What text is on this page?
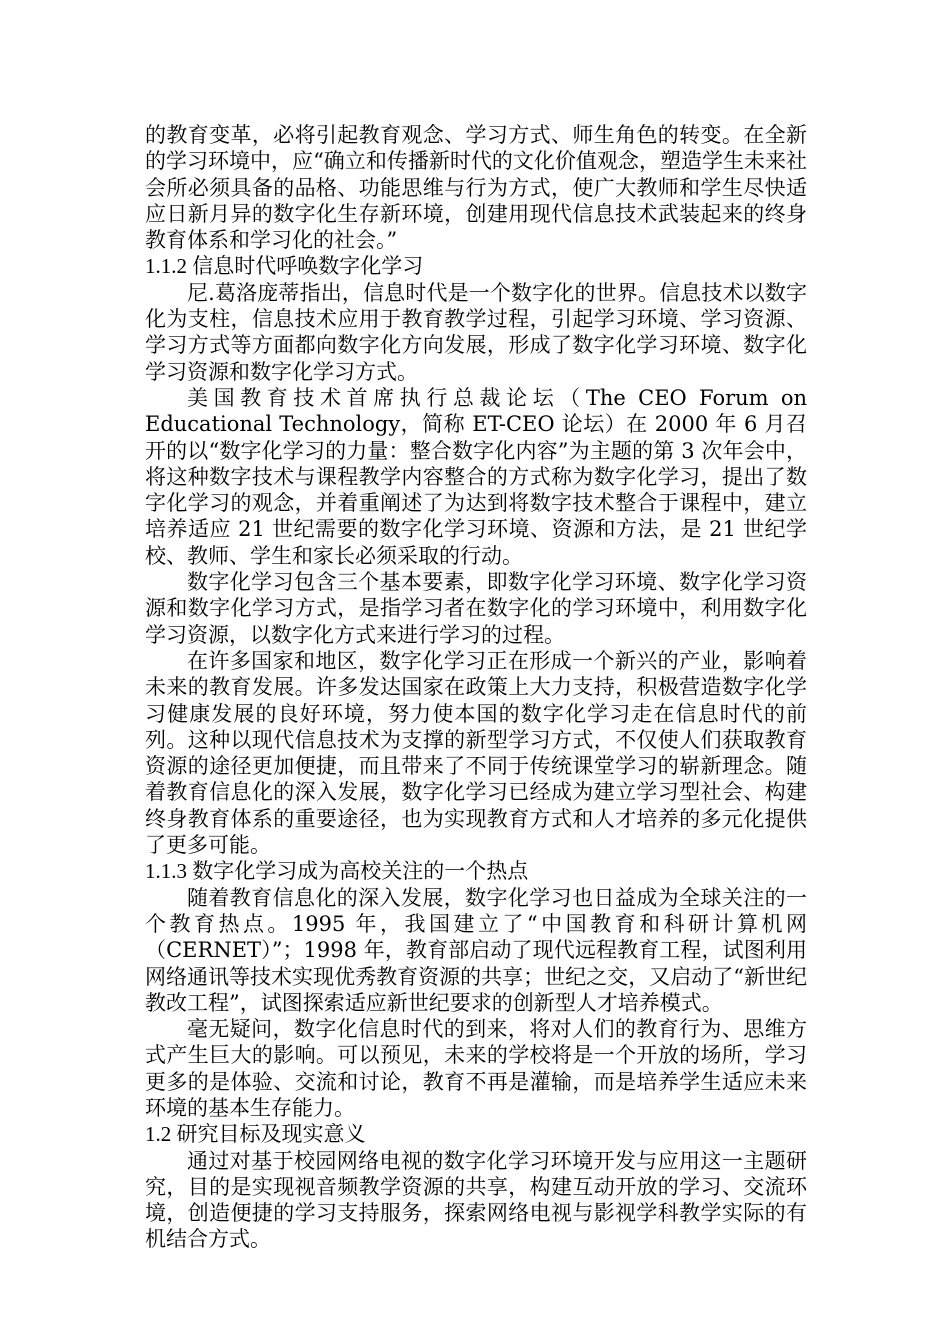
的教育变革，必将引起教育观念、学习方式、师生角色的转变。在全新的学习环境中，应“确立和传播新时代的文化价值观念，塑造学生未来社会所必须具备的品格、功能思维与行为方式，使广大教师和学生尽快适应日新月异的数字化生存新环境，创建用现代信息技术武装起来的终身教育体系和学习化的社会。”

1.1.2 信息时代呼唤数字化学习

尼.葛洛庞蒂指出，信息时代是一个数字化的世界。信息技术以数字化为支柱，信息技术应用于教育教学过程，引起学习环境、学习资源、学习方式等方面都向数字化方向发展，形成了数字化学习环境、数字化学习资源和数字化学习方式。

美国教育技术首席执行总裁论坛（The CEO Forum on Educational Technology，简称 ET-CEO 论坛）在 2000 年 6 月召开的以“数字化学习的力量：整合数字化内容”为主题的第 3 次年会中，将这种数字技术与课程教学内容整合的方式称为数字化学习，提出了数字化学习的观念，并着重阐述了为达到将数字技术整合于课程中，建立培养适应 21 世纪需要的数字化学习环境、资源和方法，是 21 世纪学校、教师、学生和家长必须采取的行动。

数字化学习包含三个基本要素，即数字化学习环境、数字化学习资源和数字化学习方式，是指学习者在数字化的学习环境中，利用数字化学习资源，以数字化方式来进行学习的过程。

在许多国家和地区，数字化学习正在形成一个新兴的产业，影响着未来的教育发展。许多发达国家在政策上大力支持，积极营造数字化学习健康发展的良好环境，努力使本国的数字化学习走在信息时代的前列。这种以现代信息技术为支撑的新型学习方式，不仅使人们获取教育资源的途径更加便捷，而且带来了不同于传统课堂学习的崭新理念。随着教育信息化的深入发展，数字化学习已经成为建立学习型社会、构建终身教育体系的重要途径，也为实现教育方式和人才培养的多元化提供了更多可能。

1.1.3 数字化学习成为高校关注的一个热点

随着教育信息化的深入发展，数字化学习也日益成为全球关注的一个教育热点。1995 年，我国建立了“中国教育和科研计算机网（CERNET）”；1998 年，教育部启动了现代远程教育工程，试图利用网络通讯等技术实现优秀教育资源的共享；世纪之交，又启动了“新世纪教改工程”，试图探索适应新世纪要求的创新型人才培养模式。

毫无疑问，数字化信息时代的到来，将对人们的教育行为、思维方式产生巨大的影响。可以预见，未来的学校将是一个开放的场所，学习更多的是体验、交流和讨论，教育不再是灌输，而是培养学生适应未来环境的基本生存能力。

1.2 研究目标及现实意义

通过对基于校园网络电视的数字化学习环境开发与应用这一主题研究，目的是实现视音频教学资源的共享，构建互动开放的学习、交流环境，创造便捷的学习支持服务，探索网络电视与影视学科教学实际的有机结合方式。
